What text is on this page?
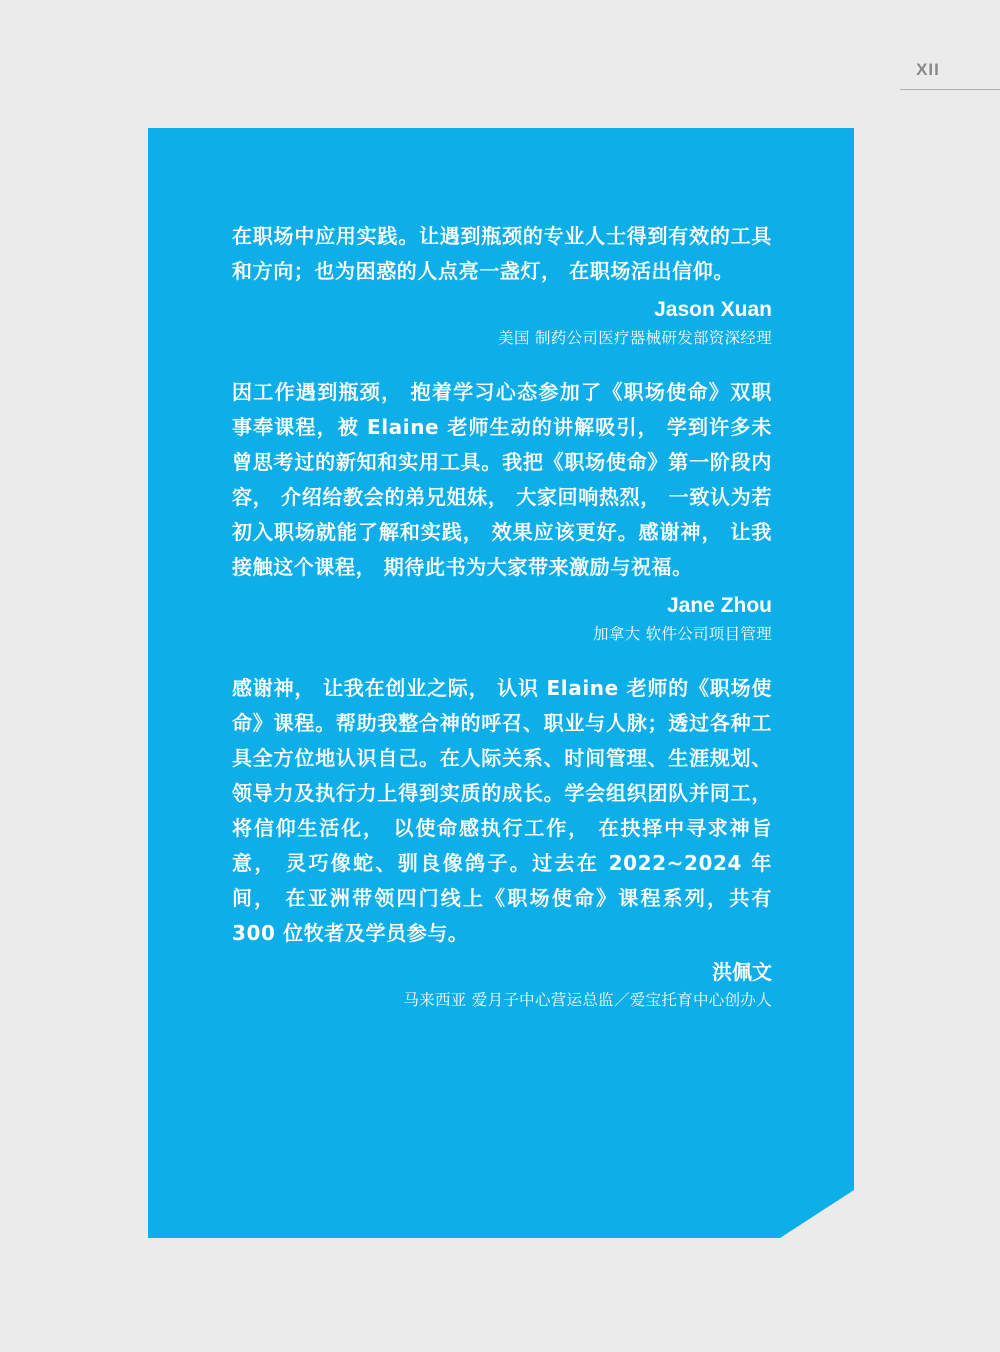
XII

在职场中应用实践。让遇到瓶颈的专业人士得到有效的工具和方向；也为困惑的人点亮一盏灯， 在职场活出信仰。

Jason Xuan
美国 制药公司医疗器械研发部资深经理

因工作遇到瓶颈， 抱着学习心态参加了《职场使命》双职事奉课程，被 Elaine 老师生动的讲解吸引， 学到许多未曾思考过的新知和实用工具。我把《职场使命》第一阶段内容， 介绍给教会的弟兄姐妹， 大家回响热烈， 一致认为若初入职场就能了解和实践， 效果应该更好。感谢神， 让我接触这个课程， 期待此书为大家带来激励与祝福。

Jane Zhou
加拿大 软件公司项目管理

感谢神， 让我在创业之际， 认识 Elaine 老师的《职场使命》课程。帮助我整合神的呼召、职业与人脉；透过各种工具全方位地认识自己。在人际关系、时间管理、生涯规划、领导力及执行力上得到实质的成长。学会组织团队并同工， 将信仰生活化， 以使命感执行工作， 在抉择中寻求神旨意， 灵巧像蛇、驯良像鸽子。过去在 2022~2024 年间， 在亚洲带领四门线上《职场使命》课程系列，共有 300 位牧者及学员参与。

洪佩文
马来西亚 爱月子中心营运总监／爱宝托育中心创办人
